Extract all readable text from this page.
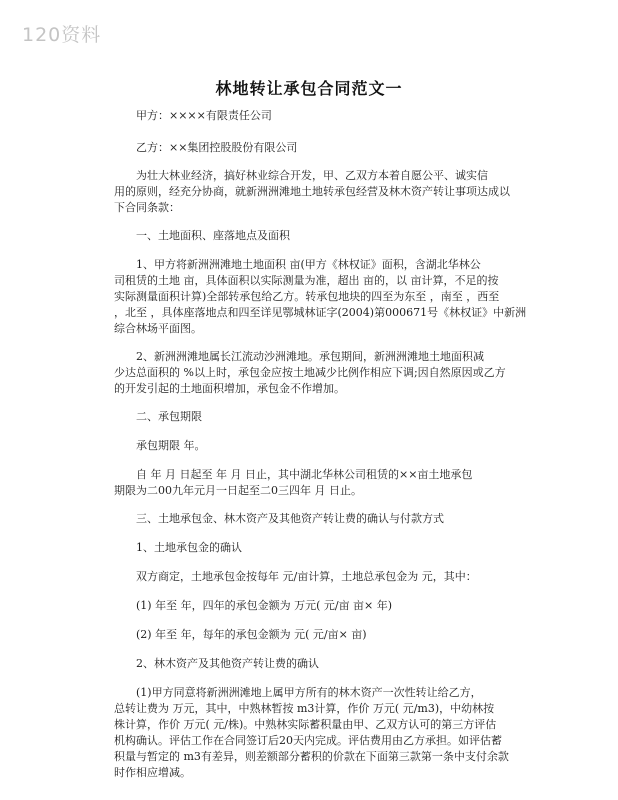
120资料
林地转让承包合同范文一
甲方：××××有限责任公司
乙方：××集团控股股份有限公司
为壮大林业经济，搞好林业综合开发，甲、乙双方本着自愿公平、诚实信
用的原则，经充分协商，就新洲洲滩地土地转承包经营及林木资产转让事项达成以
下合同条款：
一、土地面积、座落地点及面积
1、甲方将新洲洲滩地土地面积 亩(甲方《林权证》面积，含湖北华林公
司租赁的土地 亩，具体面积以实际测量为准，超出 亩的，以 亩计算，不足的按
实际测量面积计算)全部转承包给乙方。转承包地块的四至为东至 ，南至 ，西至
，北至 ，具体座落地点和四至详见鄂城林证字(2004)第000671号《林权证》中新洲
综合林场平面图。
2、新洲洲滩地属长江流动沙洲滩地。承包期间，新洲洲滩地土地面积减
少达总面积的 %以上时，承包金应按土地减少比例作相应下调;因自然原因或乙方
的开发引起的土地面积增加，承包金不作增加。
二、承包期限
承包期限 年。
自 年 月 日起至 年 月 日止，其中湖北华林公司租赁的××亩土地承包
期限为二00九年元月一日起至二0三四年 月 日止。
三、土地承包金、林木资产及其他资产转让费的确认与付款方式
1、土地承包金的确认
双方商定，土地承包金按每年 元/亩计算，土地总承包金为 元，其中：
(1) 年至 年，四年的承包金额为 万元( 元/亩 亩× 年)
(2) 年至 年，每年的承包金额为 元( 元/亩× 亩)
2、林木资产及其他资产转让费的确认
(1)甲方同意将新洲洲滩地上属甲方所有的林木资产一次性转让给乙方，
总转让费为 万元，其中，中熟林暂按 m3计算，作价 万元( 元/m3)，中幼林按
株计算，作价 万元( 元/株)。中熟林实际蓄积量由甲、乙双方认可的第三方评估
机构确认。评估工作在合同签订后20天内完成。评估费用由乙方承担。如评估蓄
积量与暂定的 m3有差异，则差额部分蓄积的价款在下面第三款第一条中支付余款
时作相应增减。
